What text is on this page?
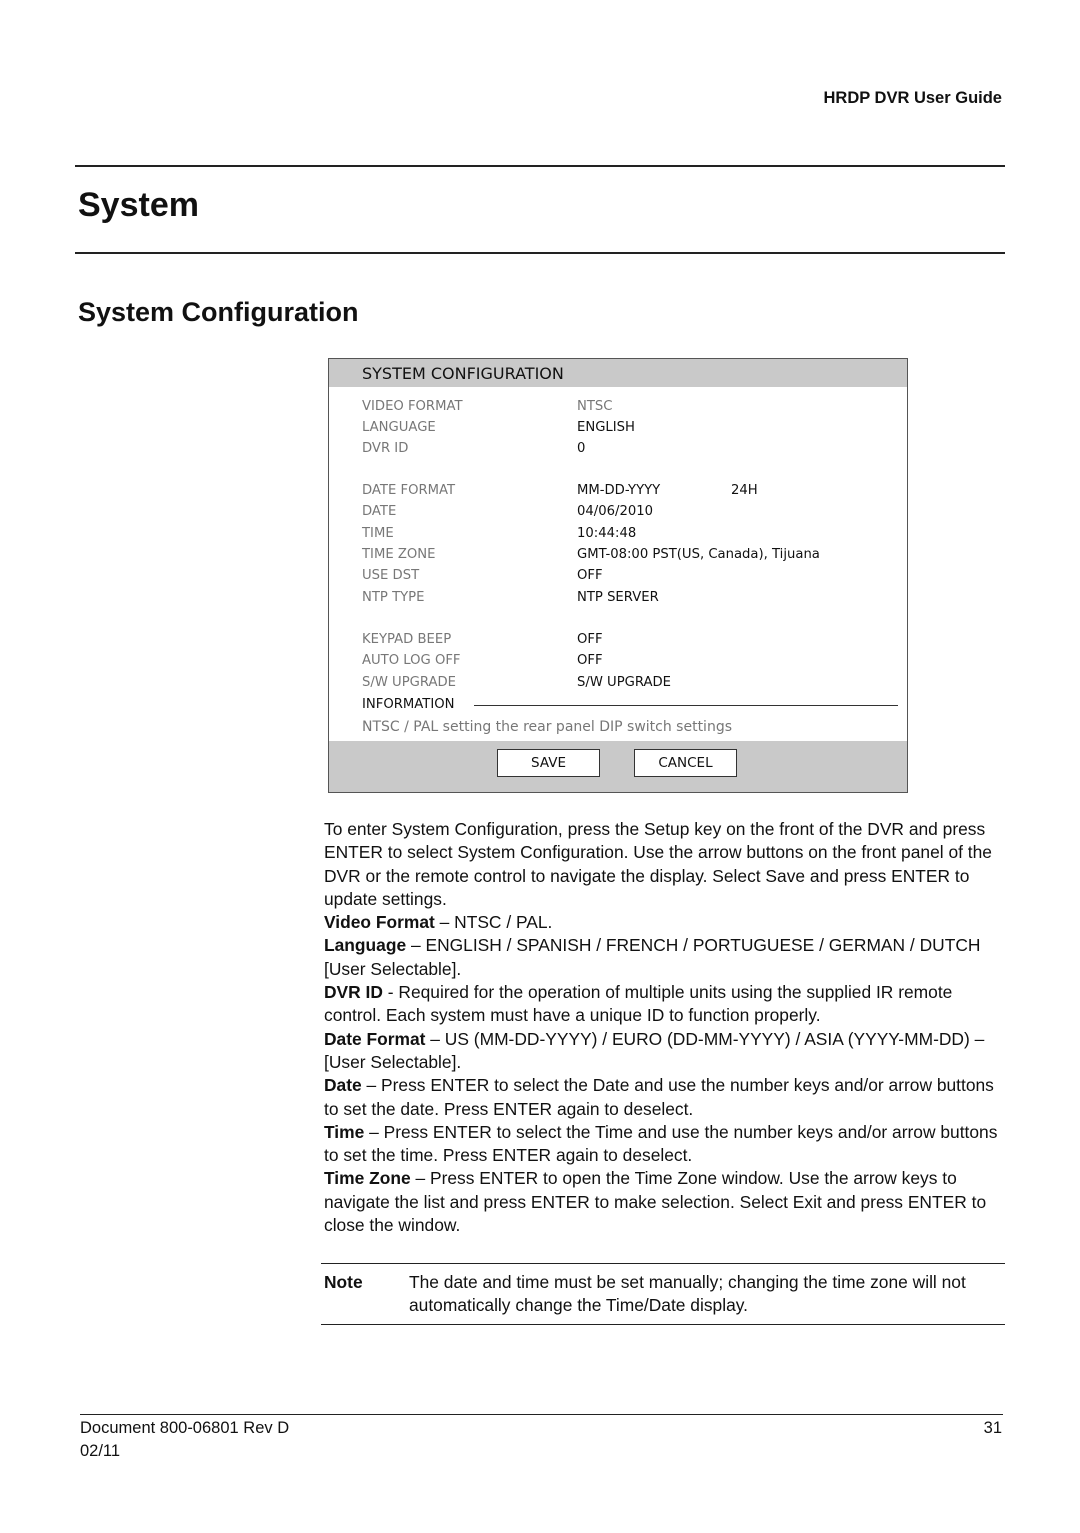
HRDP DVR User Guide
System
System Configuration
SYSTEM CONFIGURATION
VIDEO FORMAT	NTSC
LANGUAGE	ENGLISH
DVR ID	0
DATE FORMAT	MM-DD-YYYY	24H
DATE	04/06/2010
TIME	10:44:48
TIME ZONE	GMT-08:00 PST(US, Canada), Tijuana
USE DST	OFF
NTP TYPE	NTP SERVER
KEYPAD BEEP	OFF
AUTO LOG OFF	OFF
S/W UPGRADE	S/W UPGRADE
INFORMATION
NTSC / PAL setting the rear panel DIP switch settings
SAVE	CANCEL

To enter System Configuration, press the Setup key on the front of the DVR and press ENTER to select System Configuration. Use the arrow buttons on the front panel of the DVR or the remote control to navigate the display. Select Save and press ENTER to update settings.

Video Format – NTSC / PAL.

Language – ENGLISH / SPANISH / FRENCH / PORTUGUESE / GERMAN / DUTCH [User Selectable].

DVR ID - Required for the operation of multiple units using the supplied IR remote control. Each system must have a unique ID to function properly.

Date Format – US (MM-DD-YYYY) / EURO (DD-MM-YYYY) / ASIA (YYYY-MM-DD) – [User Selectable].

Date – Press ENTER to select the Date and use the number keys and/or arrow buttons to set the date. Press ENTER again to deselect.

Time – Press ENTER to select the Time and use the number keys and/or arrow buttons to set the time. Press ENTER again to deselect.

Time Zone – Press ENTER to open the Time Zone window. Use the arrow keys to navigate the list and press ENTER to make selection. Select Exit and press ENTER to close the window.

Note	The date and time must be set manually; changing the time zone will not automatically change the Time/Date display.
Document 800-06801 Rev D
02/11
31
